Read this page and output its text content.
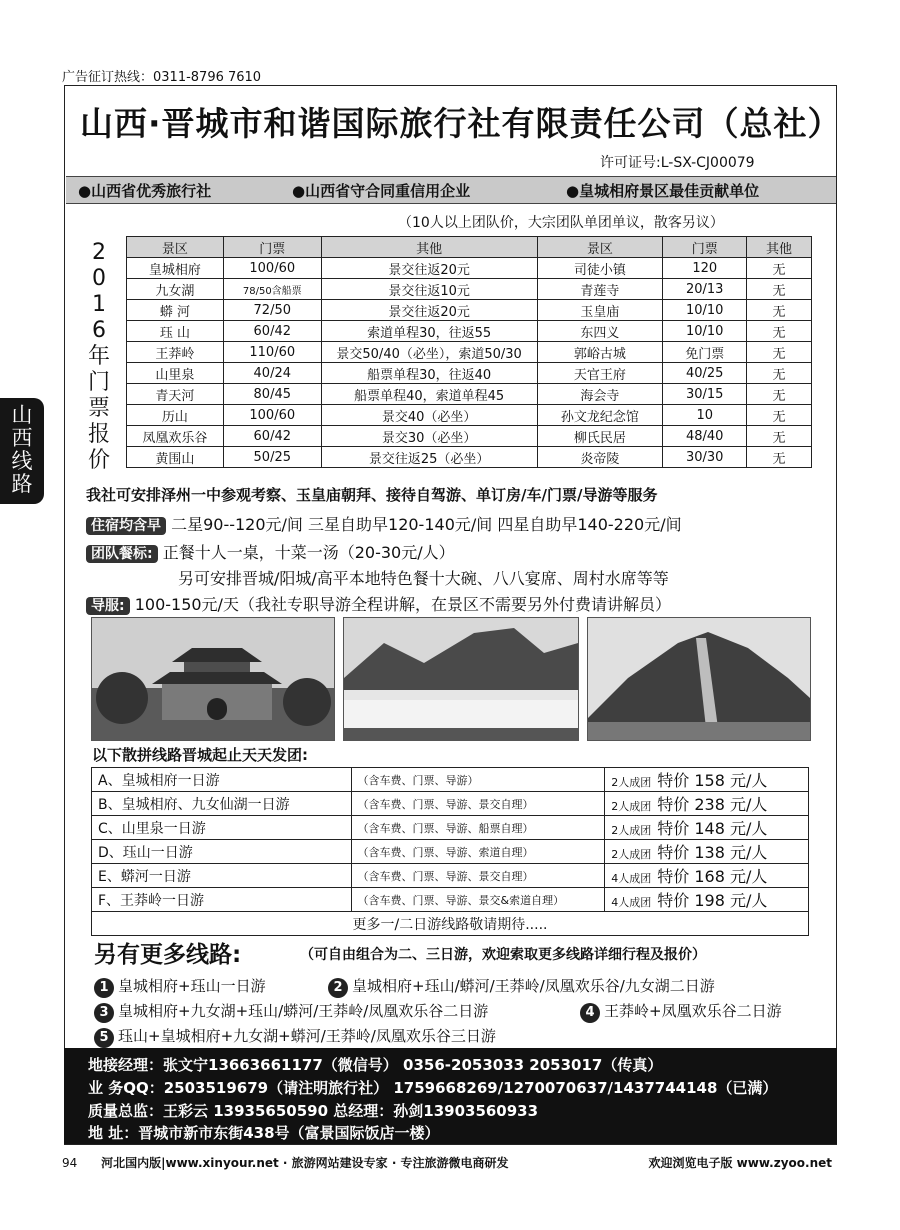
广告征订热线：0311-8796 7610
山西·晋城市和谐国际旅行社有限责任公司（总社）
许可证号:L-SX-CJ00079
●山西省优秀旅行社	●山西省守合同重信用企业	●皇城相府景区最佳贡献单位
（10人以上团队价，大宗团队单团单议，散客另议）
2016年门票报价
山西线路
景区	门票	其他	景区	门票	其他
皇城相府	100/60	景交往返20元	司徒小镇	120	无
九女湖	78/50含船票	景交往返10元	青莲寺	20/13	无
蟒 河	72/50	景交往返20元	玉皇庙	10/10	无
珏 山	60/42	索道单程30，往返55	东四义	10/10	无
王莽岭	110/60	景交50/40（必坐），索道50/30	郭峪古城	免门票	无
山里泉	40/24	船票单程30，往返40	天官王府	40/25	无
青天河	80/45	船票单程40，索道单程45	海会寺	30/15	无
历山	100/60	景交40（必坐）	孙文龙纪念馆	10	无
凤凰欢乐谷	60/42	景交30（必坐）	柳氏民居	48/40	无
黄围山	50/25	景交往返25（必坐）	炎帝陵	30/30	无
我社可安排泽州一中参观考察、玉皇庙朝拜、接待自驾游、单订房/车/门票/导游等服务
住宿均含早 二星90--120元/间 三星自助早120-140元/间 四星自助早140-220元/间
团队餐标: 正餐十人一桌，十菜一汤（20-30元/人）
另可安排晋城/阳城/高平本地特色餐十大碗、八八宴席、周村水席等等
导服: 100-150元/天（我社专职导游全程讲解，在景区不需要另外付费请讲解员）
以下散拼线路晋城起止天天发团:
A、皇城相府一日游	（含车费、门票、导游）	2人成团 特价 158 元/人
B、皇城相府、九女仙湖一日游	（含车费、门票、导游、景交自理）	2人成团 特价 238 元/人
C、山里泉一日游	（含车费、门票、导游、船票自理）	2人成团 特价 148 元/人
D、珏山一日游	（含车费、门票、导游、索道自理）	2人成团 特价 138 元/人
E、蟒河一日游	（含车费、门票、导游、景交自理）	4人成团 特价 168 元/人
F、王莽岭一日游	（含车费、门票、导游、景交&索道自理）	4人成团 特价 198 元/人
更多一/二日游线路敬请期待.....		
另有更多线路:	（可自由组合为二、三日游，欢迎索取更多线路详细行程及报价）
1 皇城相府+珏山一日游	2 皇城相府+珏山/蟒河/王莽岭/凤凰欢乐谷/九女湖二日游
3 皇城相府+九女湖+珏山/蟒河/王莽岭/凤凰欢乐谷二日游	4 王莽岭+凤凰欢乐谷二日游
5 珏山+皇城相府+九女湖+蟒河/王莽岭/凤凰欢乐谷三日游
地接经理：张文宁13663661177（微信号） 0356-2053033 2053017（传真）
业 务QQ：2503519679（请注明旅行社） 1759668269/1270070637/1437744148（已满）
质量总监：王彩云 13935650590 总经理：孙剑13903560933
地 址：晋城市新市东街438号（富景国际饭店一楼）
94 河北国内版|www.xinyour.net · 旅游网站建设专家 · 专注旅游微电商研发	欢迎浏览电子版 www.zyoo.net
